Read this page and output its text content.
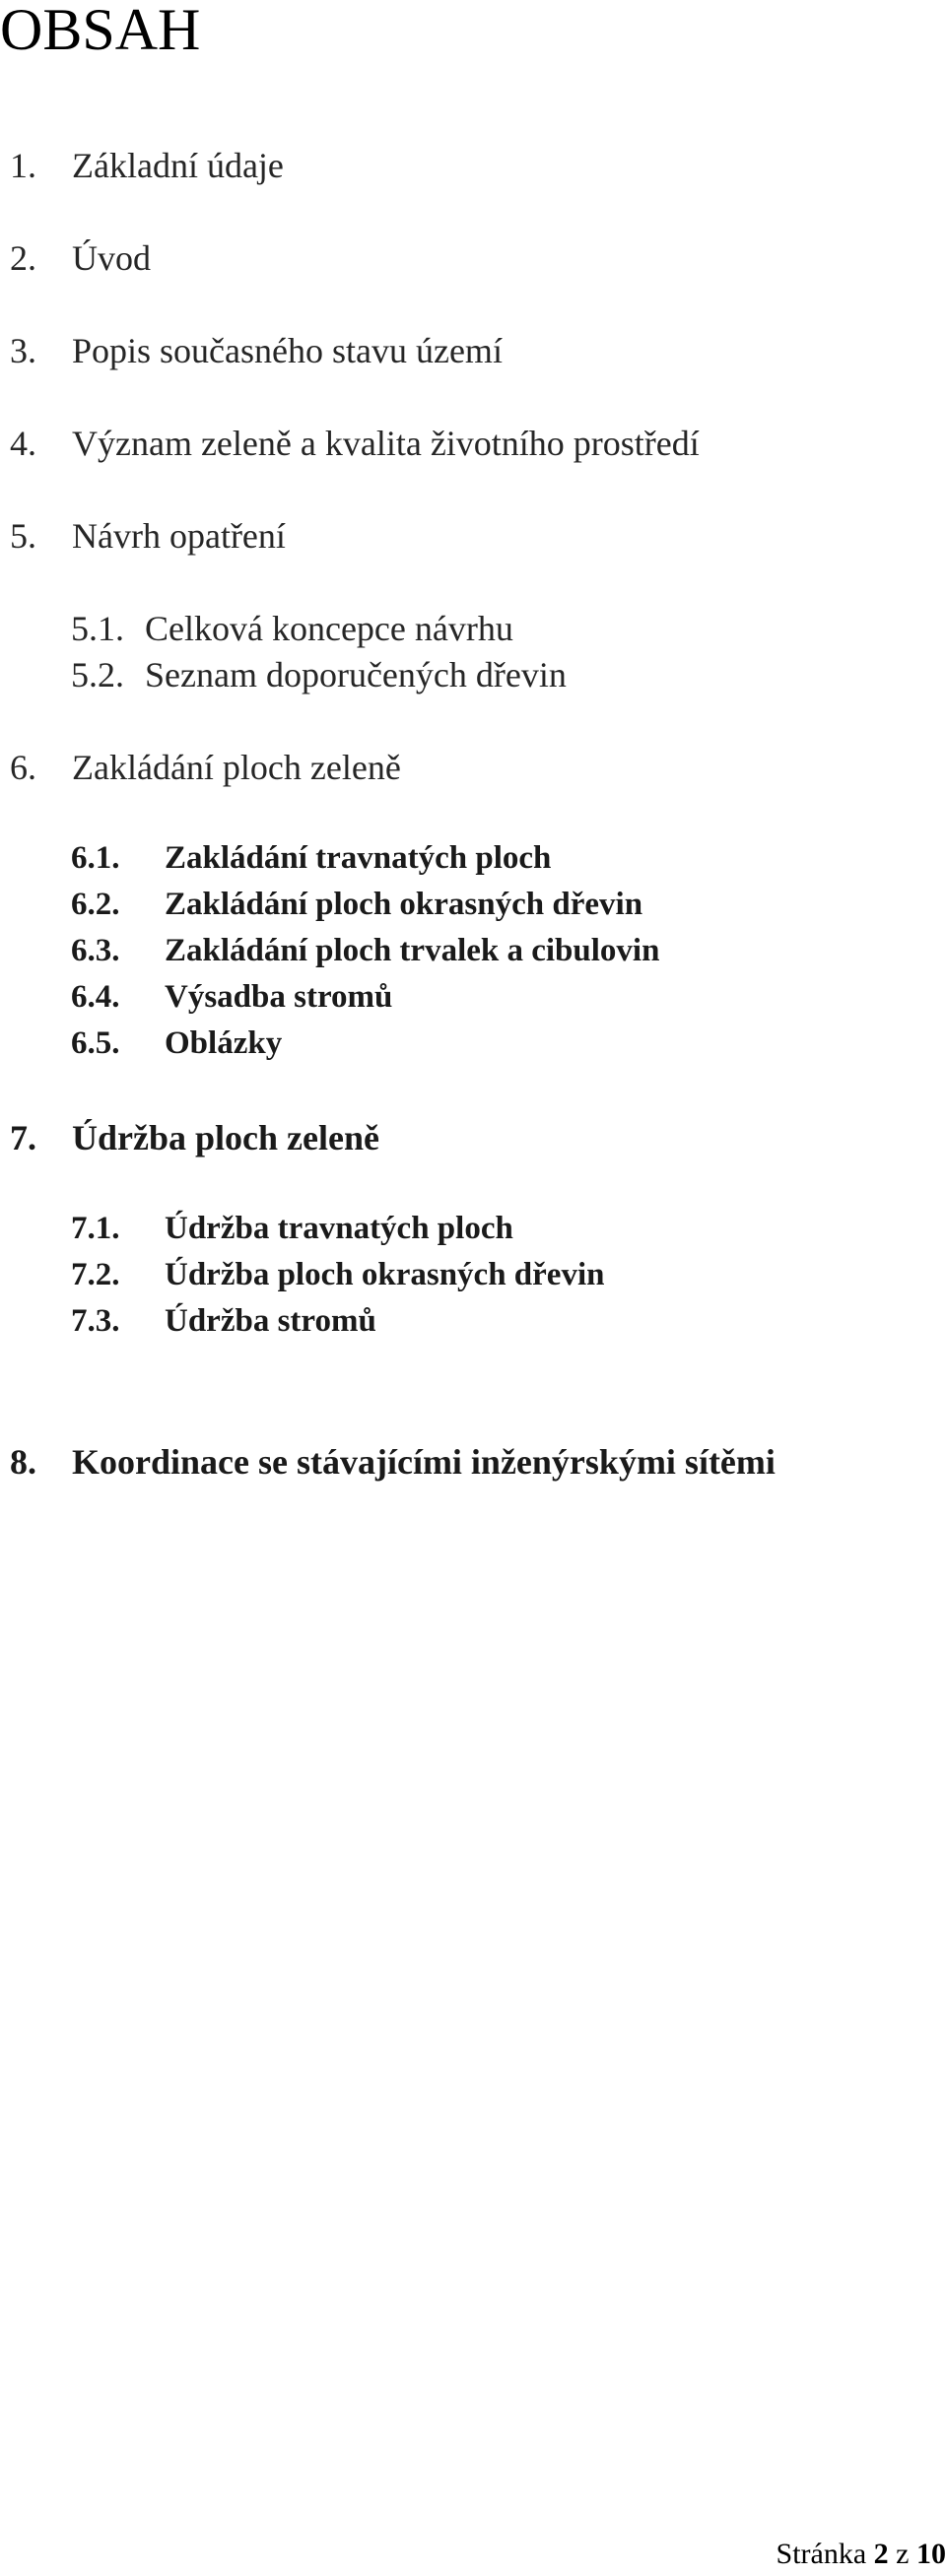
OBSAH
1. Základní údaje
2. Úvod
3. Popis současného stavu území
4. Význam zeleně a kvalita životního prostředí
5. Návrh opatření
5.1. Celková koncepce návrhu
5.2. Seznam doporučených dřevin
6. Zakládání ploch zeleně
6.1. Zakládání travnatých ploch
6.2. Zakládání ploch okrasných dřevin
6.3. Zakládání ploch trvalek a cibulovin
6.4. Výsadba stromů
6.5. Oblázky
7. Údržba ploch zeleně
7.1. Údržba travnatých ploch
7.2. Údržba ploch okrasných dřevin
7.3. Údržba stromů
8. Koordinace se stávajícími inženýrskými sítěmi
Stránka 2 z 10
